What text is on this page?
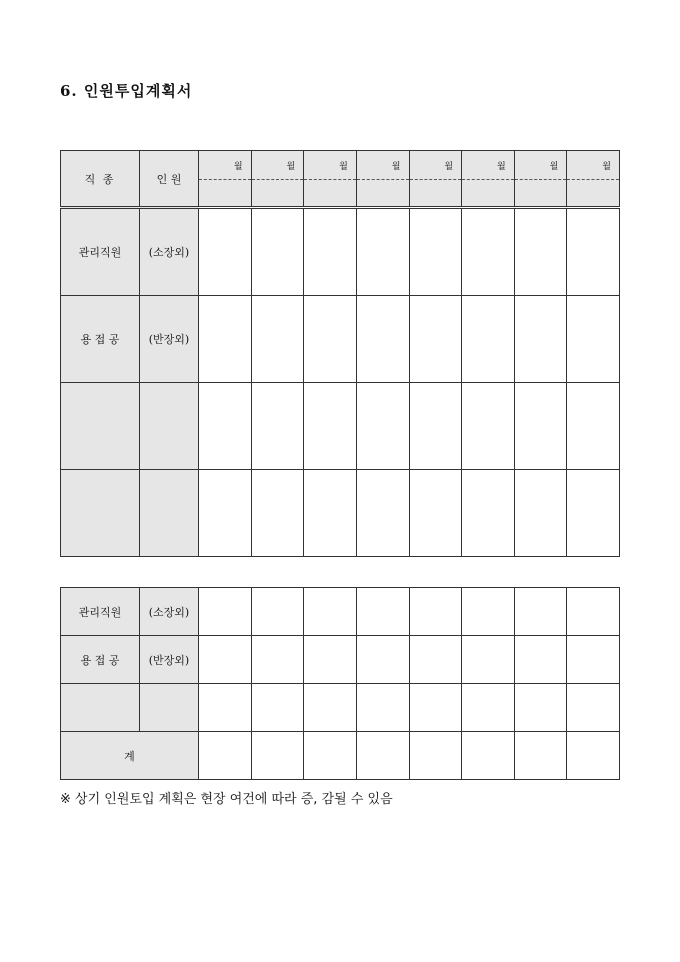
6. 인원투입계획서
직 종	인 원	월	월	월	월	월	월	월	월

관리직원	(소장외)								
용 접 공	(반장외)								

관리직원	(소장외)								
용 접 공	(반장외)								

계									
※ 상기 인원토입 계획은 현장 여건에 따라 증, 감될 수 있음
